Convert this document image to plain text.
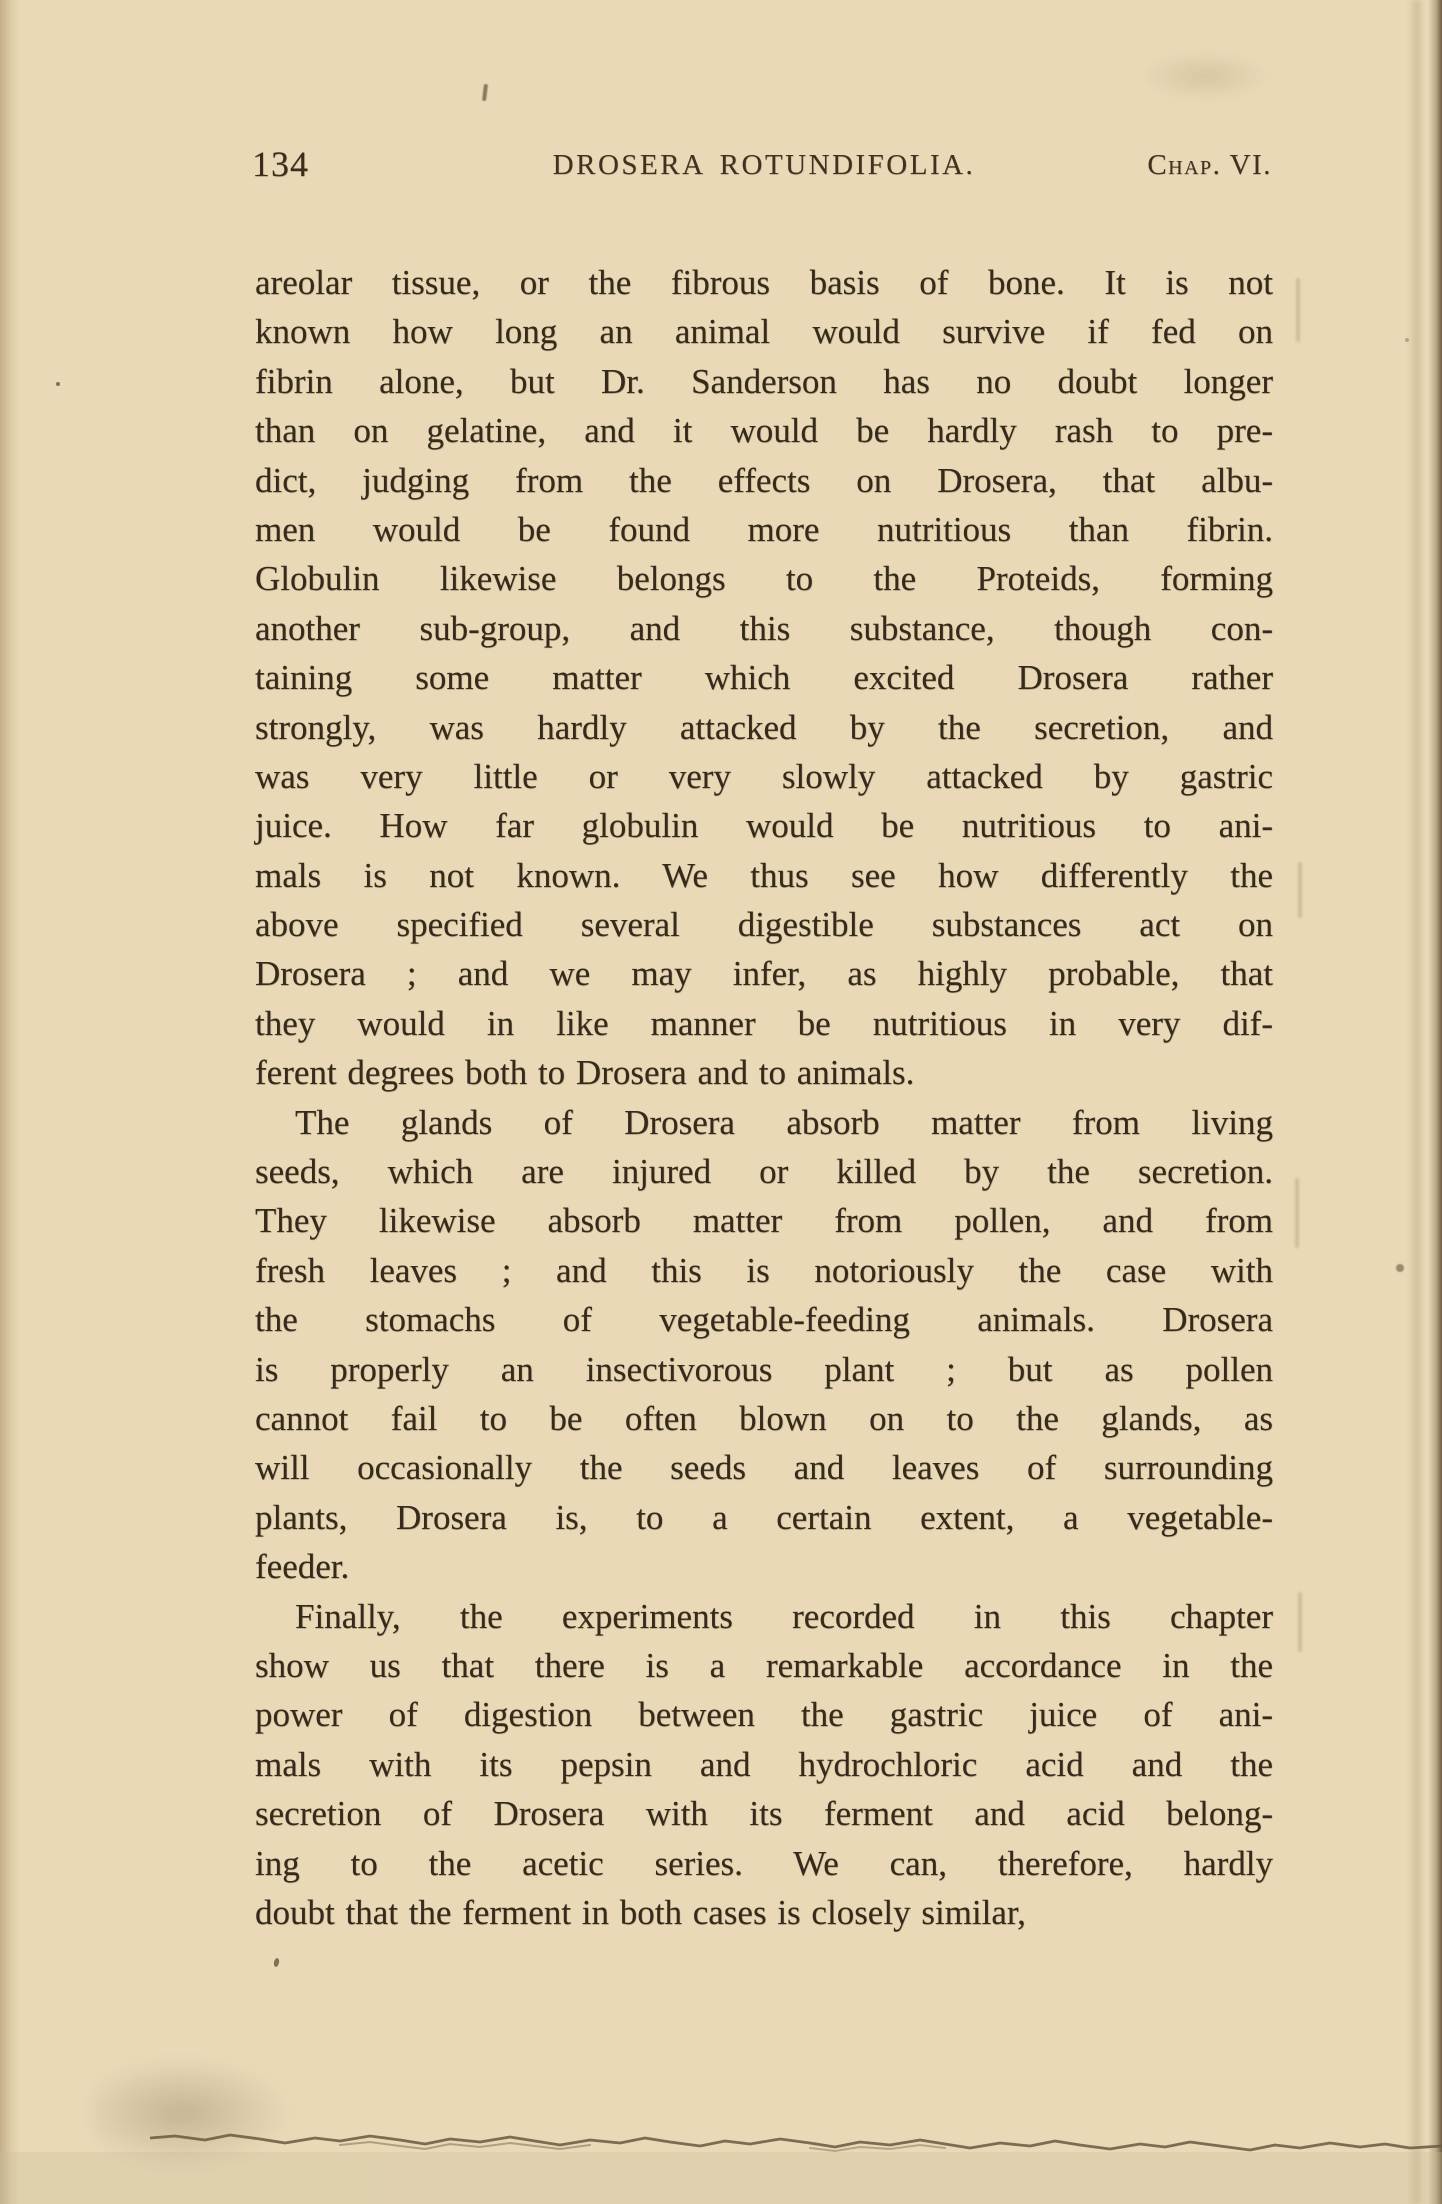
134	DROSERA ROTUNDIFOLIA.	Chap. VI.
areolar tissue, or the fibrous basis of bone. It is not
known how long an animal would survive if fed on
fibrin alone, but Dr. Sanderson has no doubt longer
than on gelatine, and it would be hardly rash to pre-
dict, judging from the effects on Drosera, that albu-
men would be found more nutritious than fibrin.
Globulin likewise belongs to the Proteids, forming
another sub-group, and this substance, though con-
taining some matter which excited Drosera rather
strongly, was hardly attacked by the secretion, and
was very little or very slowly attacked by gastric
juice. How far globulin would be nutritious to ani-
mals is not known. We thus see how differently the
above specified several digestible substances act on
Drosera ; and we may infer, as highly probable, that
they would in like manner be nutritious in very dif-
ferent degrees both to Drosera and to animals.
The glands of Drosera absorb matter from living
seeds, which are injured or killed by the secretion.
They likewise absorb matter from pollen, and from
fresh leaves ; and this is notoriously the case with
the stomachs of vegetable-feeding animals. Drosera
is properly an insectivorous plant ; but as pollen
cannot fail to be often blown on to the glands, as
will occasionally the seeds and leaves of surrounding
plants, Drosera is, to a certain extent, a vegetable-
feeder.
Finally, the experiments recorded in this chapter
show us that there is a remarkable accordance in the
power of digestion between the gastric juice of ani-
mals with its pepsin and hydrochloric acid and the
secretion of Drosera with its ferment and acid belong-
ing to the acetic series. We can, therefore, hardly
doubt that the ferment in both cases is closely similar,
